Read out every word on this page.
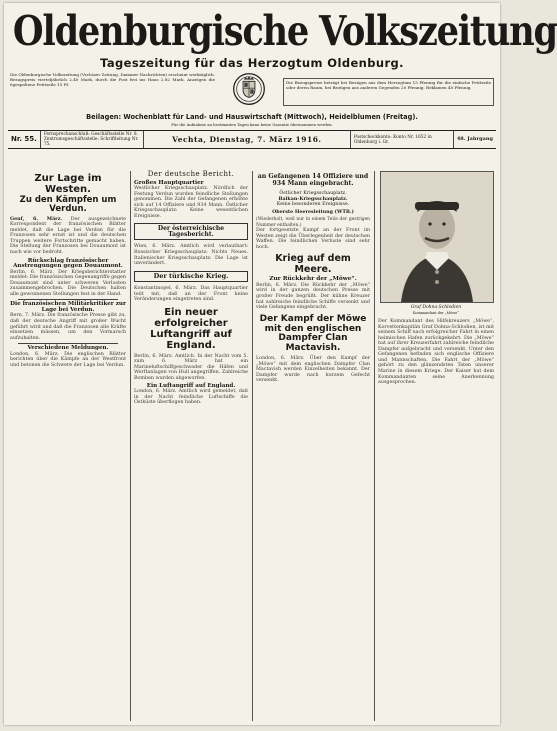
Oldenburgische Volkszeitung
Tageszeitung für das Herzogtum Oldenburg.
Die Oldenburgische Volkszeitung (Vechtaer Zeitung, Dammer Nachrichten) erscheint werktäglich. Bezugspreis vierteljährlich 2.40 Mark, durch die Post frei ins Haus 2.82 Mark. Anzeigen die 6gespaltene Petitzeile 15 Pf.	Die Bezugspreise beträgt bei Bezügen aus dem Herzogtum 15 Pfennig für die einfache Petitzeile oder deren Raum, bei Bezügen aus anderen Gegenden 20 Pfennig. Reklamen 40 Pfennig.
Beilagen: Wochenblatt für Land- und Hauswirtschaft (Mittwoch), Heidelblumen (Freitag).
Für die Aufnahme an bestimmten Tagen kann keine Garantie übernommen werden.
Nr. 55.
Fernsprechanschluß: Geschäftsstelle Nr. 8. Zentrumsgeschäftsstelle: Schriftleitung Nr. 75.
Vechta, Dienstag, 7. März 1916.	Postscheckkonto: Konto Nr. 1652 in Oldenburg i. Gr.	48. Jahrgang
Zur Lage im Westen.
Zu den Kämpfen um Verdun.
Genf, 6. März. Der ausgezeichnete Korrespondent der französischen Blätter meldet, daß die Lage bei Verdun für die Franzosen sehr ernst ist und die deutschen Truppen weitere Fortschritte gemacht haben. Die Stellung der Franzosen bei Douaumont ist nach wie vor bedroht.
Rückschlag französischer Anstrengungen gegen Douaumont.
Berlin, 6. März. Der Kriegsberichterstatter meldet: Die französischen Gegenangriffe gegen Douaumont sind unter schweren Verlusten zusammengebrochen. Die Deutschen halten alle gewonnenen Stellungen fest in der Hand.
Die französischen Militärkritiker zur Lage bei Verdun.
Bern, 7. März. Die französische Presse gibt zu, daß der deutsche Angriff mit großer Wucht geführt wird und daß die Franzosen alle Kräfte einsetzen müssen, um den Vormarsch aufzuhalten.
Verschiedene Meldungen.
London, 6. März. Die englischen Blätter berichten über die Kämpfe an der Westfront und betonen die Schwere der Lage bei Verdun.
Der deutsche Bericht.
Großes Hauptquartier
Westlicher Kriegsschauplatz. Nördlich der Festung Verdun wurden feindliche Stellungen genommen. Die Zahl der Gefangenen erhöhte sich auf 14 Offiziere und 934 Mann. Östlicher Kriegsschauplatz: Keine wesentlichen Ereignisse.
Der österreichische Tagesbericht.
Wien, 6. März. Amtlich wird verlautbart: Russischer Kriegsschauplatz: Nichts Neues. Italienischer Kriegsschauplatz: Die Lage ist unverändert.
Der türkische Krieg.
Konstantinopel, 6. März. Das Hauptquartier teilt mit, daß an der Front keine Veränderungen eingetreten sind.
Ein neuer erfolgreicher Luftangriff auf England.
Berlin, 6. März. Amtlich. In der Nacht vom 5. zum 6. März hat ein Marineluftschiffgeschwader die Häfen und Werftanlagen von Hull angegriffen. Zahlreiche Bomben wurden abgeworfen.
Ein Luftangriff auf England.
London, 6. März. Amtlich wird gemeldet, daß in der Nacht feindliche Luftschiffe die Ostküste überflogen haben.
an Gefangenen 14 Offiziere und
934 Mann eingebracht.
Östlicher Kriegsschauplatz.
Balkan-Kriegsschauplatz.
Keine besonderen Ereignisse.
Oberste Heeresleitung (WTB.)
(Wiederholt, weil nur in einem Teile der gestrigen Nummer enthalten.)
Der fortgesetzte Kampf an der Front im Westen zeigt die Überlegenheit der deutschen Waffen. Die feindlichen Verluste sind sehr hoch.
Krieg auf dem Meere.
Zur Rückkehr der „Möwe“.
Berlin, 6. März. Die Rückkehr der „Möwe“ wird in der ganzen deutschen Presse mit großer Freude begrüßt. Der kühne Kreuzer hat zahlreiche feindliche Schiffe versenkt und viele Gefangene eingebracht.
Der Kampf der Möwe mit den englischen Dampfer Clan Mactavish.
London, 6. März. Über den Kampf der „Möwe“ mit dem englischen Dampfer Clan Mactavish werden Einzelheiten bekannt. Der Dampfer wurde nach kurzem Gefecht versenkt.
Graf Dohna-Schlodien
Kommandant der „Möwe“
Der Kommandant des Hilfskreuzers „Möwe“, Korvettenkapitän Graf Dohna-Schlodien, ist mit seinem Schiff nach erfolgreicher Fahrt in einen heimischen Hafen zurückgekehrt. Die „Möwe“ hat auf ihrer Kreuzerfahrt zahlreiche feindliche Dampfer aufgebracht und versenkt. Unter den Gefangenen befinden sich englische Offiziere und Mannschaften. Die Fahrt der „Möwe“ gehört zu den glänzendsten Taten unserer Marine in diesem Kriege. Der Kaiser hat dem Kommandanten seine Anerkennung ausgesprochen.
